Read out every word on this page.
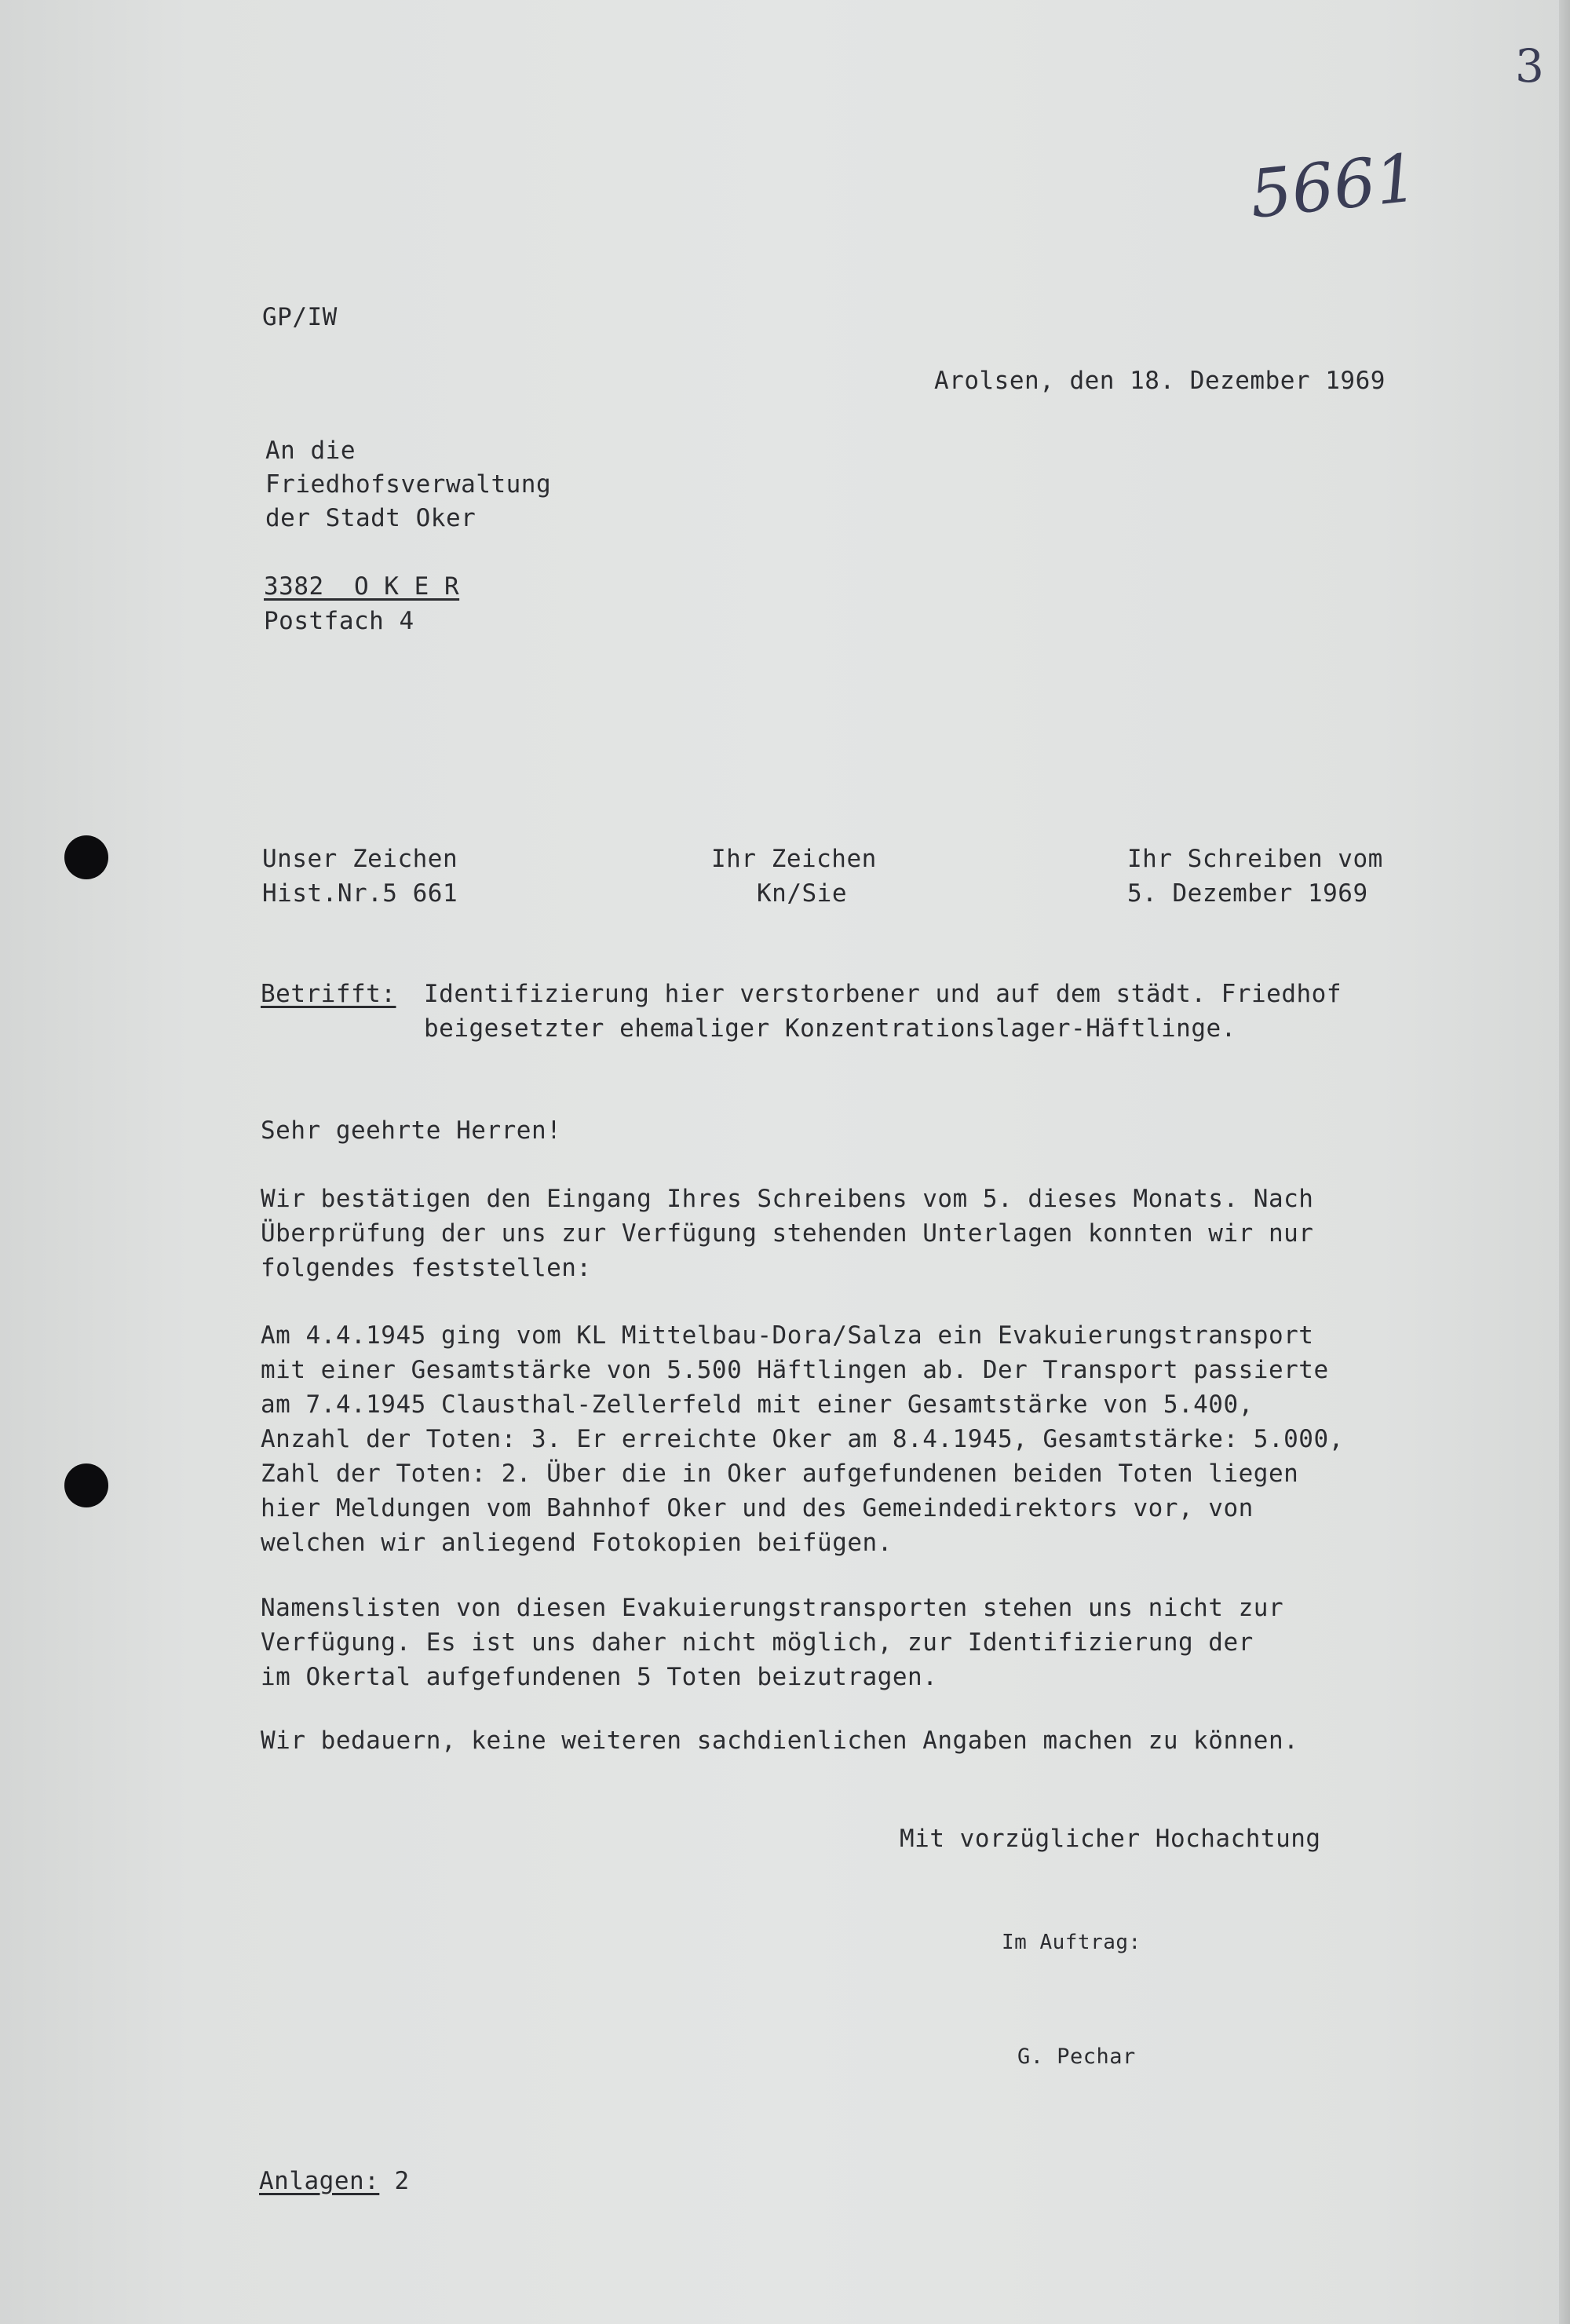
3
5661
GP/IW
Arolsen, den 18. Dezember 1969
An die
Friedhofsverwaltung
der Stadt Oker
3382  O K E R
Postfach 4
Unser Zeichen
Hist.Nr.5 661
Ihr Zeichen
Kn/Sie
Ihr Schreiben vom
5. Dezember 1969
Betrifft: Identifizierung hier verstorbener und auf dem städt. Friedhof
beigesetzter ehemaliger Konzentrationslager-Häftlinge.
Sehr geehrte Herren!
Wir bestätigen den Eingang Ihres Schreibens vom 5. dieses Monats. Nach
Überprüfung der uns zur Verfügung stehenden Unterlagen konnten wir nur
folgendes feststellen:
Am 4.4.1945 ging vom KL Mittelbau-Dora/Salza ein Evakuierungstransport
mit einer Gesamtstärke von 5.500 Häftlingen ab. Der Transport passierte
am 7.4.1945 Clausthal-Zellerfeld mit einer Gesamtstärke von 5.400,
Anzahl der Toten: 3. Er erreichte Oker am 8.4.1945, Gesamtstärke: 5.000,
Zahl der Toten: 2. Über die in Oker aufgefundenen beiden Toten liegen
hier Meldungen vom Bahnhof Oker und des Gemeindedirektors vor, von
welchen wir anliegend Fotokopien beifügen.
Namenslisten von diesen Evakuierungstransporten stehen uns nicht zur
Verfügung. Es ist uns daher nicht möglich, zur Identifizierung der
im Okertal aufgefundenen 5 Toten beizutragen.
Wir bedauern, keine weiteren sachdienlichen Angaben machen zu können.
Mit vorzüglicher Hochachtung
Im Auftrag:
G. Pechar
Anlagen: 2
